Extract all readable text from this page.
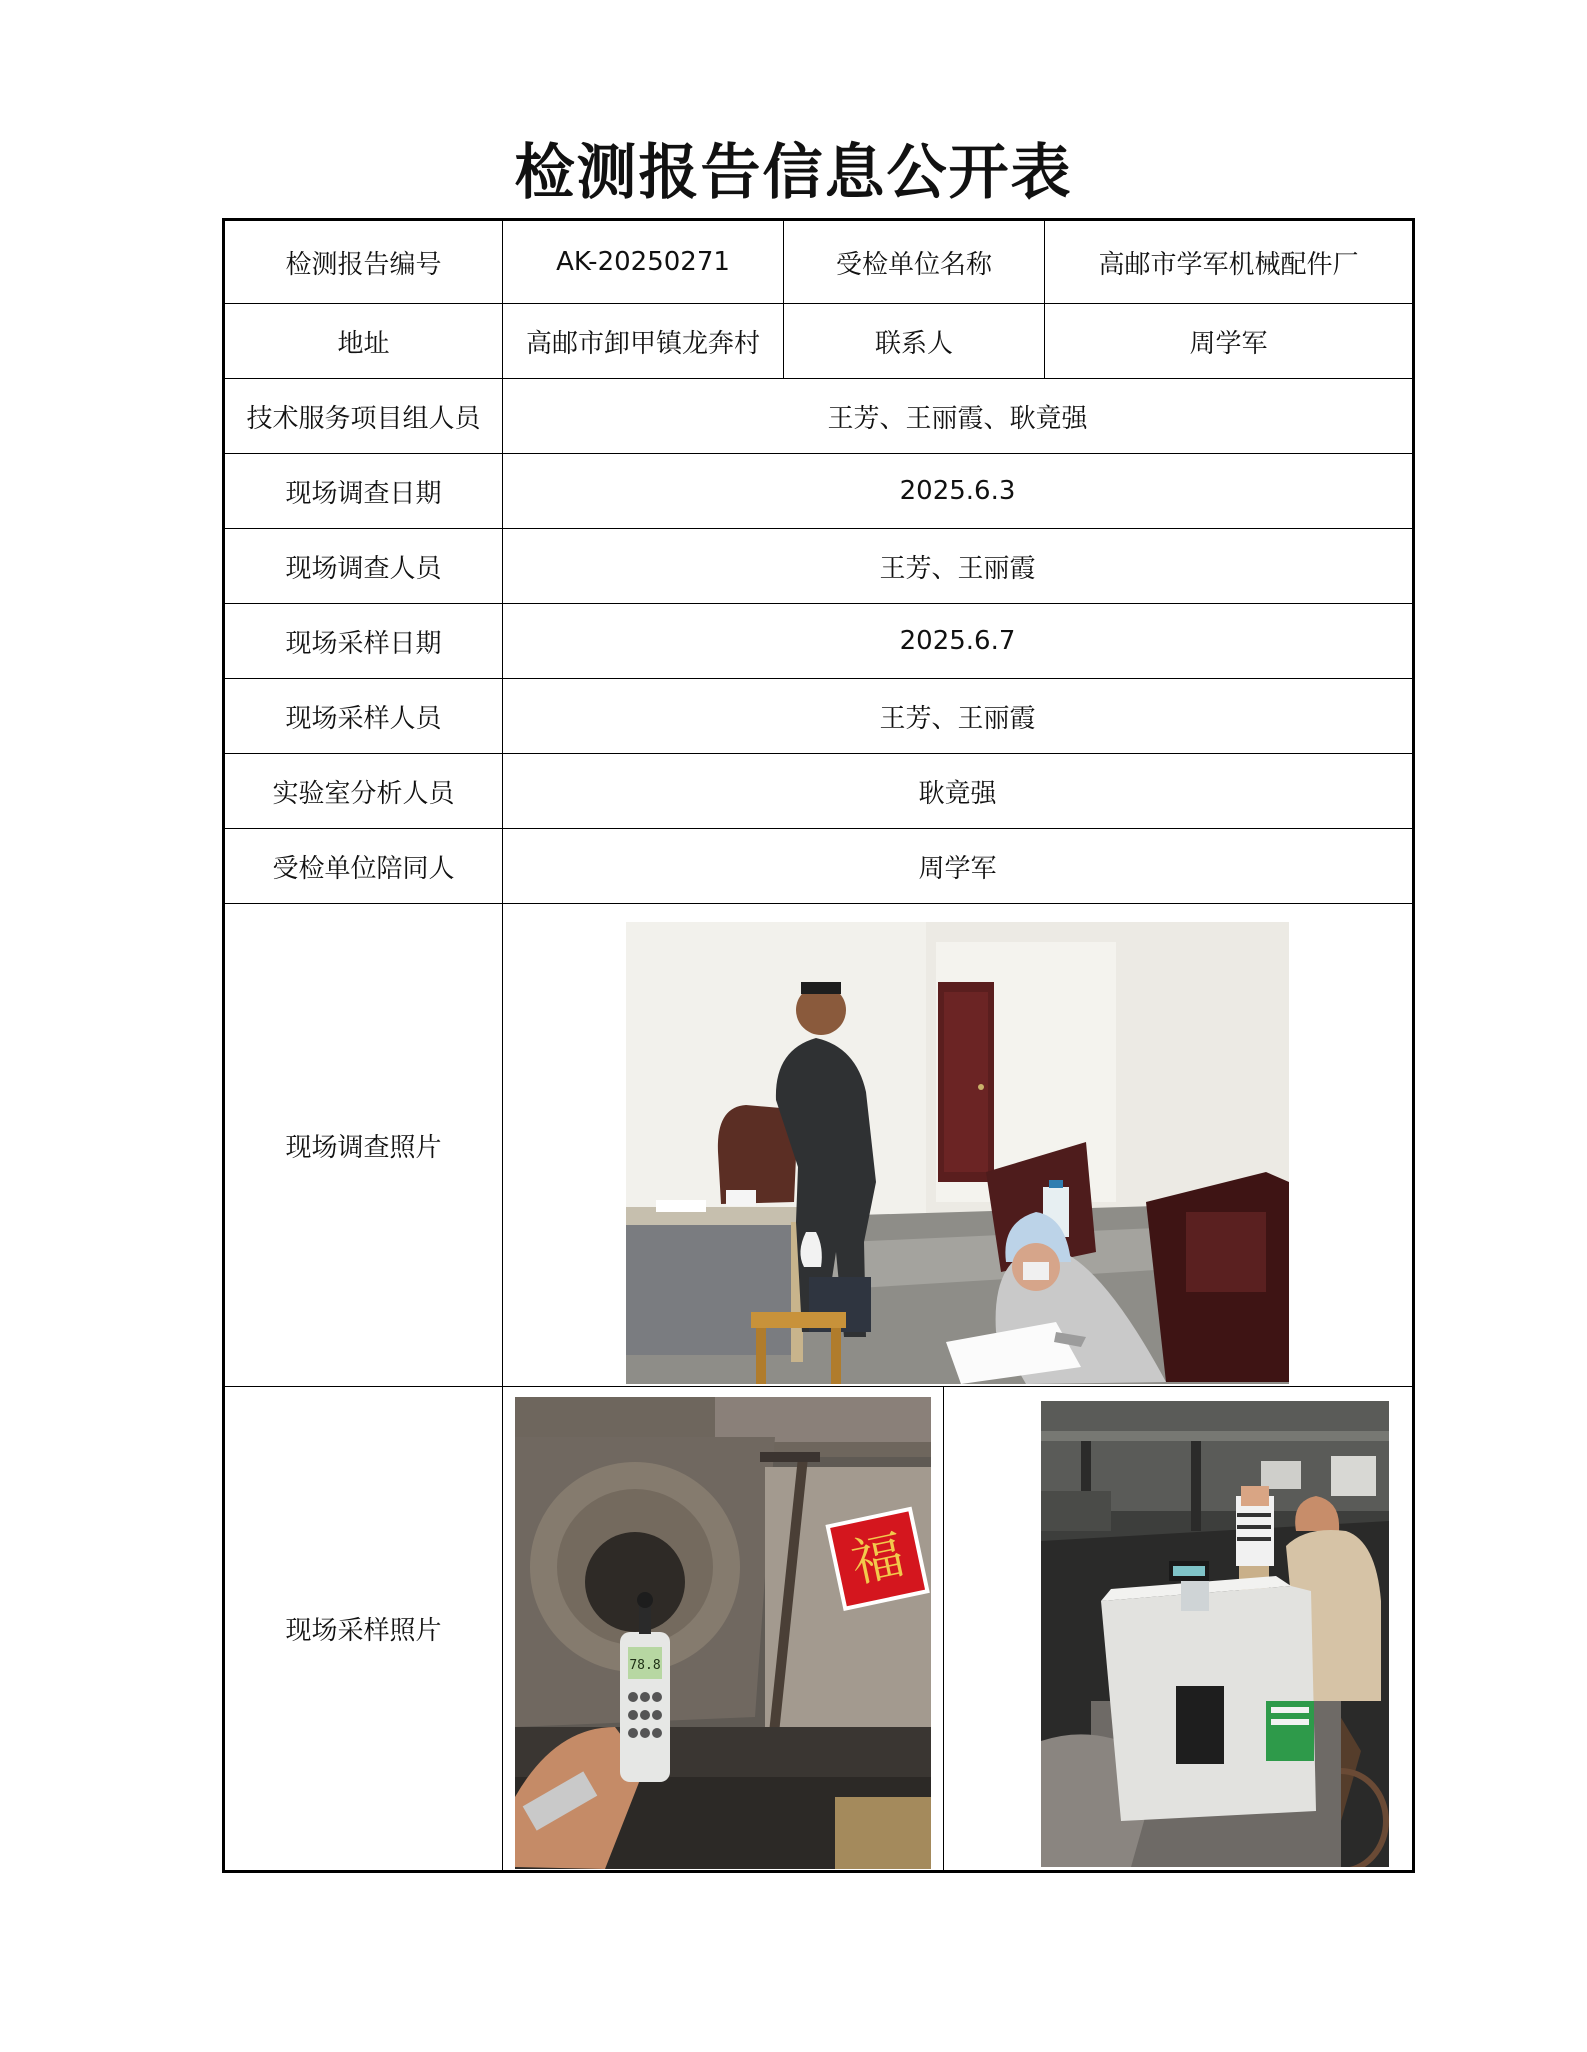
检测报告信息公开表
检测报告编号	AK-20250271	受检单位名称		高邮市学军机械配件厂
地址	高邮市卸甲镇龙奔村	联系人		周学军
技术服务项目组人员	王芳、王丽霞、耿竟强			
现场调查日期	2025.6.3			
现场调查人员	王芳、王丽霞			
现场采样日期	2025.6.7			
现场采样人员	王芳、王丽霞			
实验室分析人员	耿竟强			
受检单位陪同人	周学军			
现场调查照片	

现场采样照片	福
78.8
